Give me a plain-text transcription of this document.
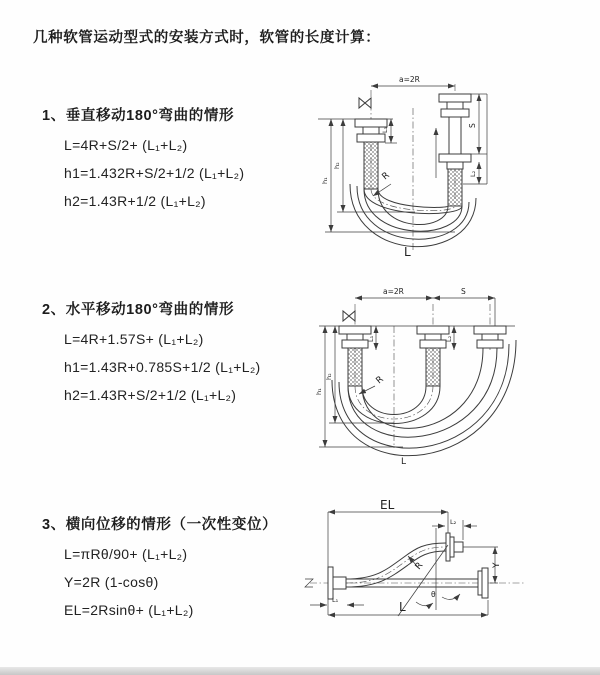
几种软管运动型式的安装方式时，软管的长度计算：
1、垂直移动180°弯曲的情形
L=4R+S/2+ (L₁+L₂)
h1=1.432R+S/2+1/2 (L₁+L₂)
h2=1.43R+1/2 (L₁+L₂)
a=2R
R
h₁
h₂
L₁
S
L₂
L
2、水平移动180°弯曲的情形
L=4R+1.57S+ (L₁+L₂)
h1=1.43R+0.785S+1/2 (L₁+L₂)
h2=1.43R+S/2+1/2 (L₁+L₂)
a=2R	S
R
h₁
h₂
L₁	L₂
L
3、横向位移的情形（一次性变位）
L=πRθ/90+ (L₁+L₂)
Y=2R (1-cosθ)
EL=2Rsinθ+ (L₁+L₂)
EL
L₂
Y
R
θ
L₁	L
